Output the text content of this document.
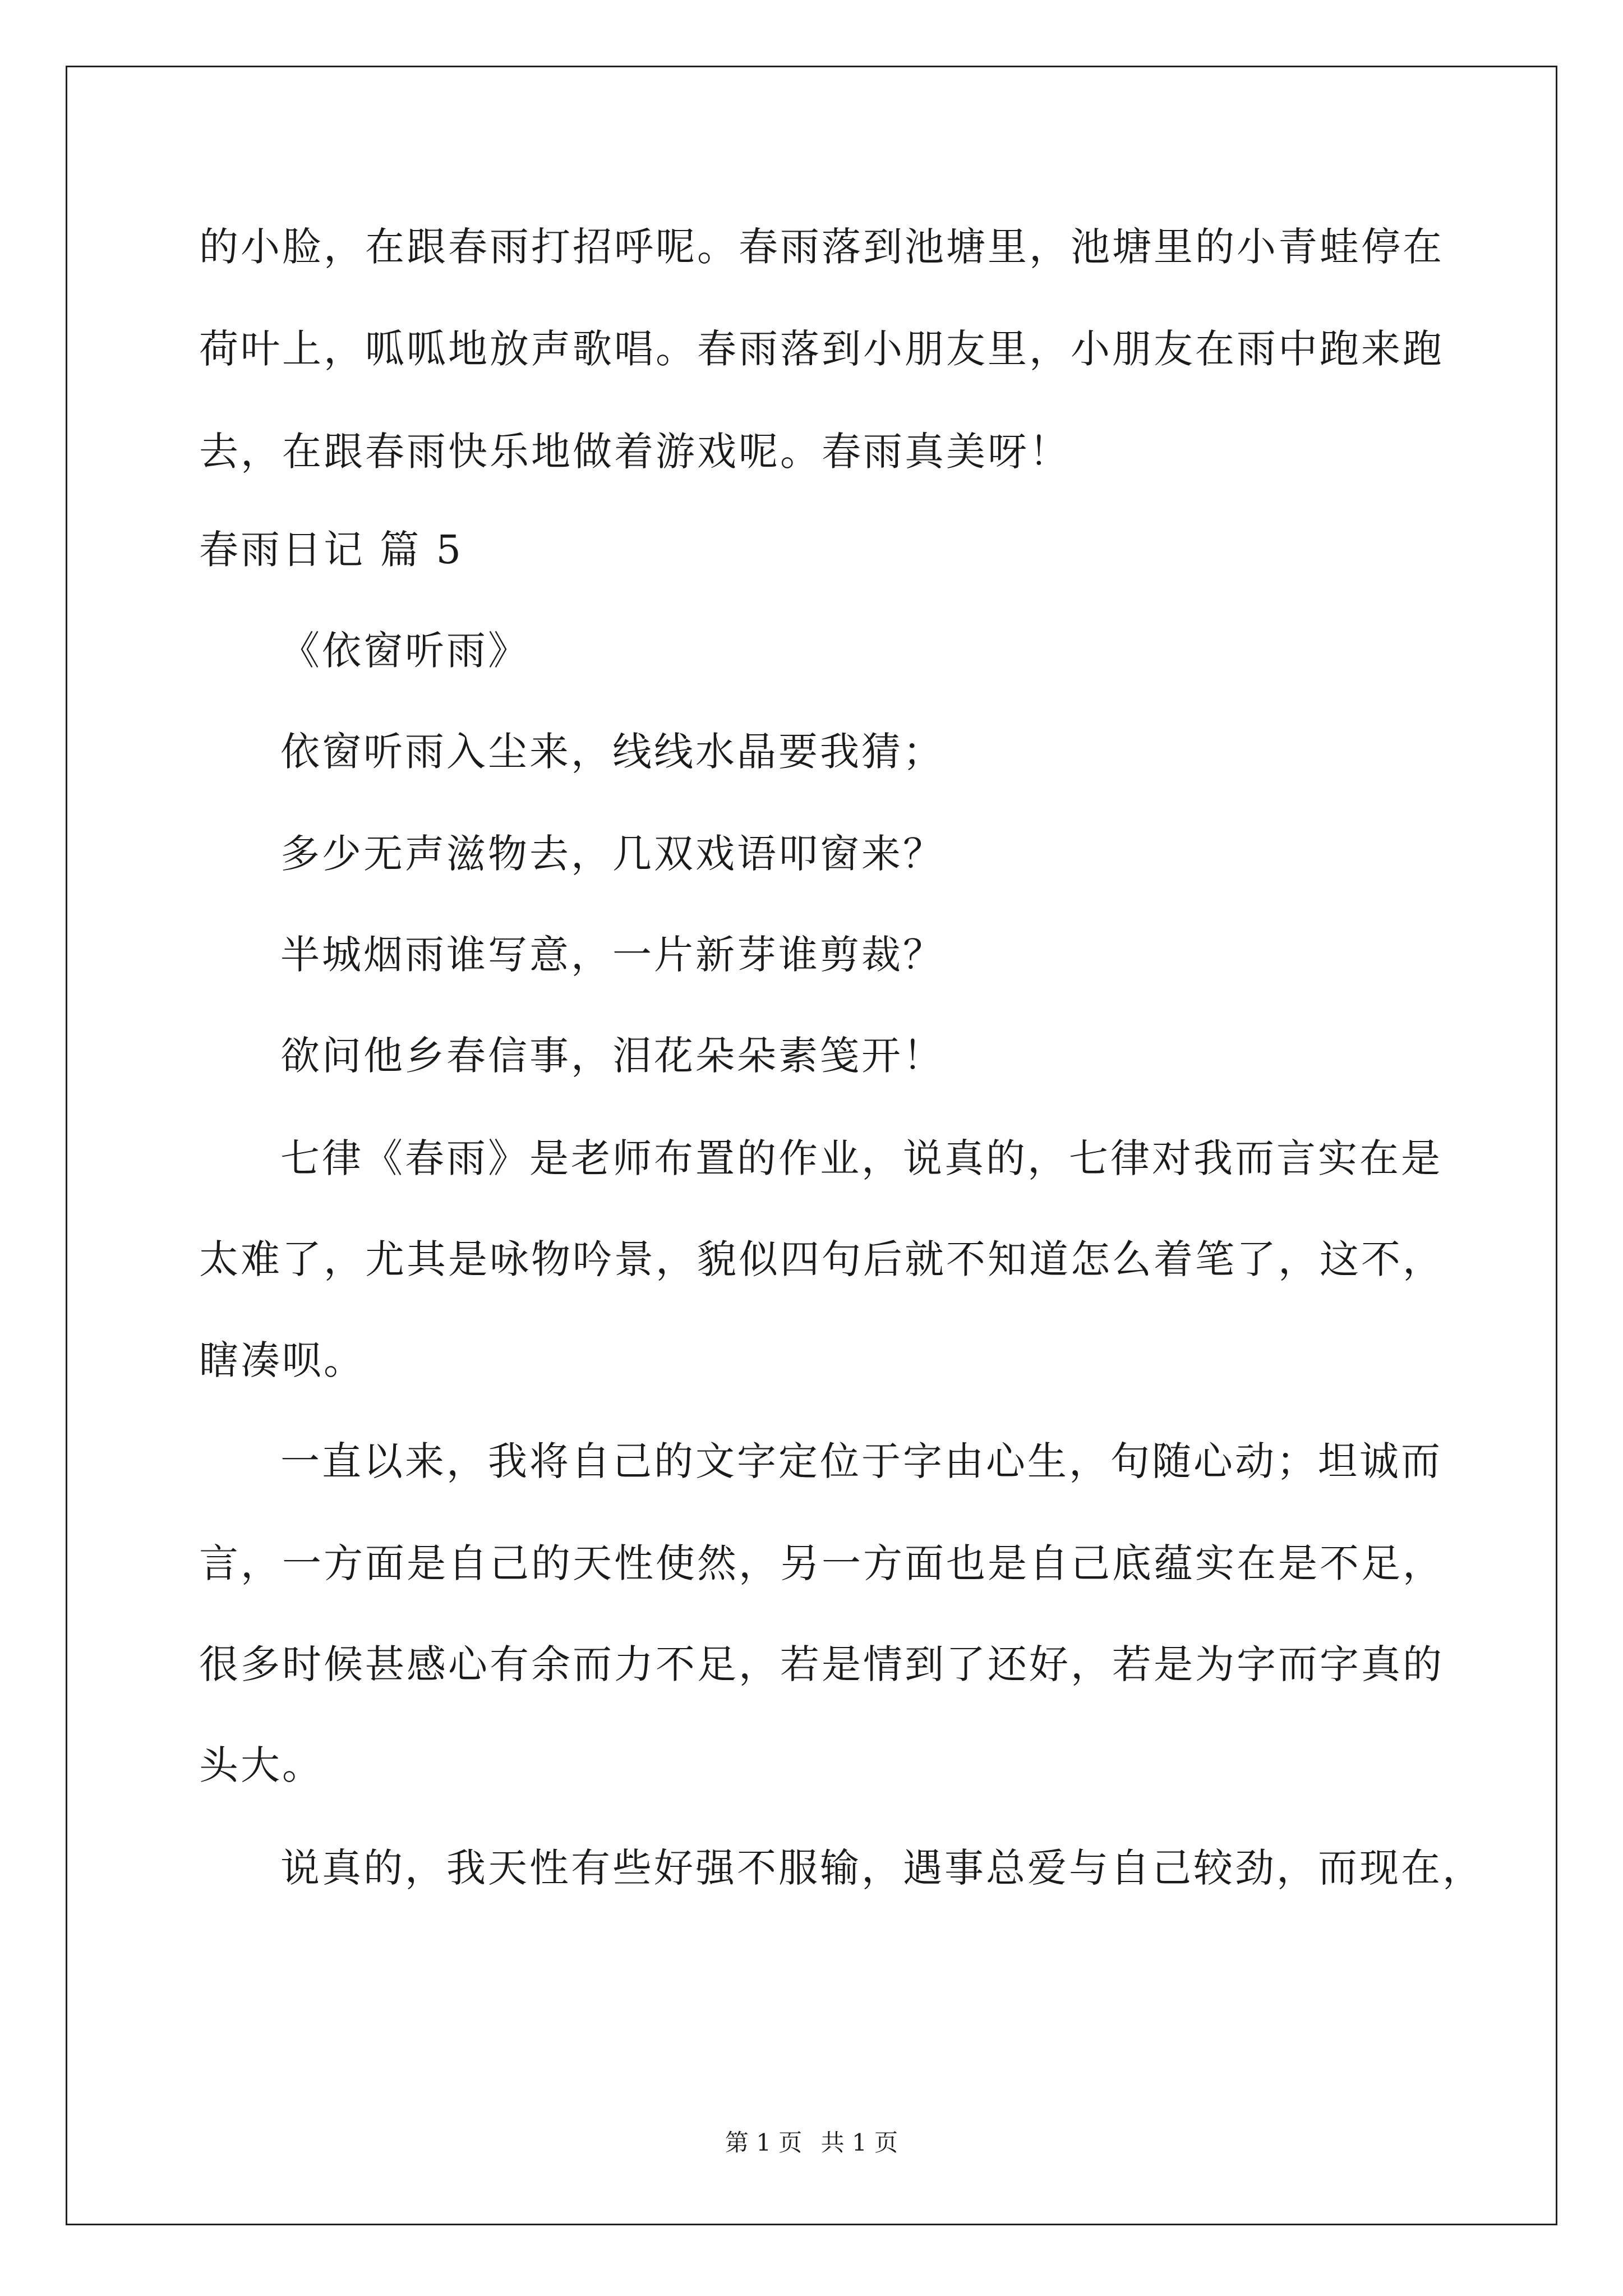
的小脸，在跟春雨打招呼呢。春雨落到池塘里，池塘里的小青蛙停在
荷叶上，呱呱地放声歌唱。春雨落到小朋友里，小朋友在雨中跑来跑
去，在跟春雨快乐地做着游戏呢。春雨真美呀！
春雨日记 篇 5
《依窗听雨》
依窗听雨入尘来，线线水晶要我猜；
多少无声滋物去，几双戏语叩窗来？
半城烟雨谁写意，一片新芽谁剪裁？
欲问他乡春信事，泪花朵朵素笺开！
七律《春雨》是老师布置的作业，说真的，七律对我而言实在是
太难了，尤其是咏物吟景，貌似四句后就不知道怎么着笔了，这不，
瞎凑呗。
一直以来，我将自己的文字定位于字由心生，句随心动；坦诚而
言，一方面是自己的天性使然，另一方面也是自己底蕴实在是不足，
很多时候甚感心有余而力不足，若是情到了还好，若是为字而字真的
头大。
说真的，我天性有些好强不服输，遇事总爱与自己较劲，而现在，
第 1 页 共 1 页
